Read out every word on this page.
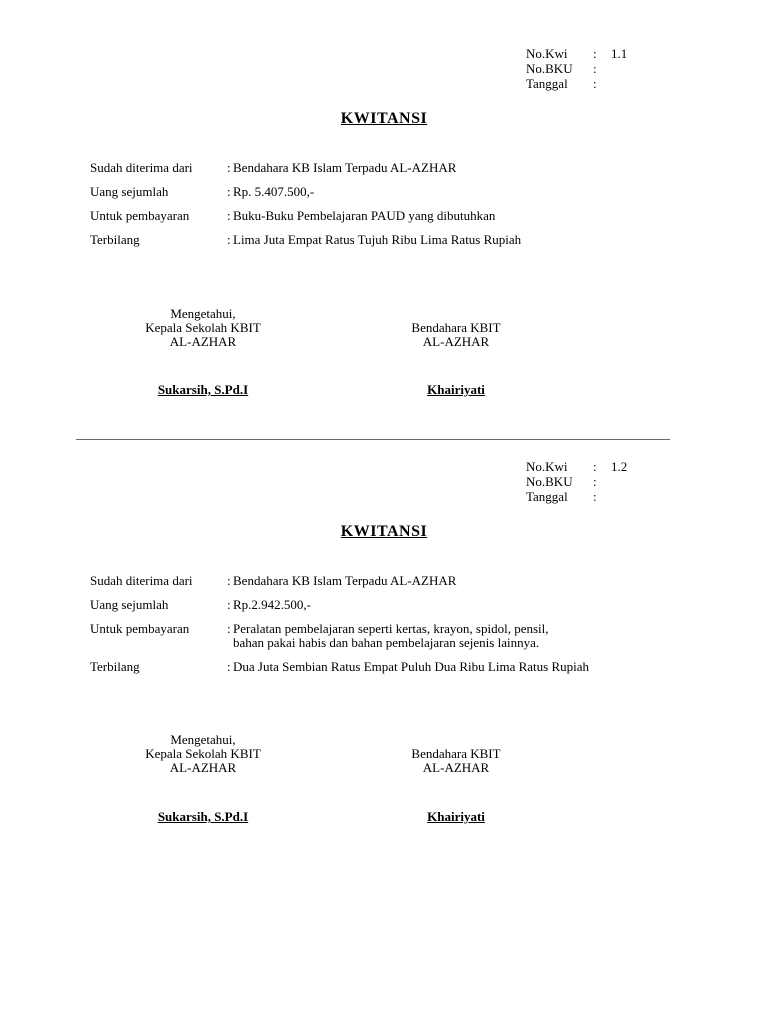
No.Kwi : 1.1
No.BKU :
Tanggal :
KWITANSI
Sudah diterima dari	: Bendahara KB Islam Terpadu AL-AZHAR
Uang sejumlah	: Rp. 5.407.500,-
Untuk pembayaran	: Buku-Buku Pembelajaran PAUD yang dibutuhkan
Terbilang	: Lima Juta Empat Ratus Tujuh Ribu Lima Ratus Rupiah
Mengetahui,
Kepala Sekolah KBIT
AL-AZHAR
Bendahara KBIT
AL-AZHAR
Sukarsih, S.Pd.I	Khairiyati
No.Kwi : 1.2
No.BKU :
Tanggal :
KWITANSI
Sudah diterima dari	: Bendahara KB Islam Terpadu AL-AZHAR
Uang sejumlah	: Rp.2.942.500,-
Untuk pembayaran	: Peralatan pembelajaran seperti kertas, krayon, spidol, pensil,
bahan pakai habis dan bahan pembelajaran sejenis lainnya.
Terbilang	: Dua Juta Sembian Ratus Empat Puluh Dua Ribu Lima Ratus Rupiah
Mengetahui,
Kepala Sekolah KBIT
AL-AZHAR
Bendahara KBIT
AL-AZHAR
Sukarsih, S.Pd.I	Khairiyati
